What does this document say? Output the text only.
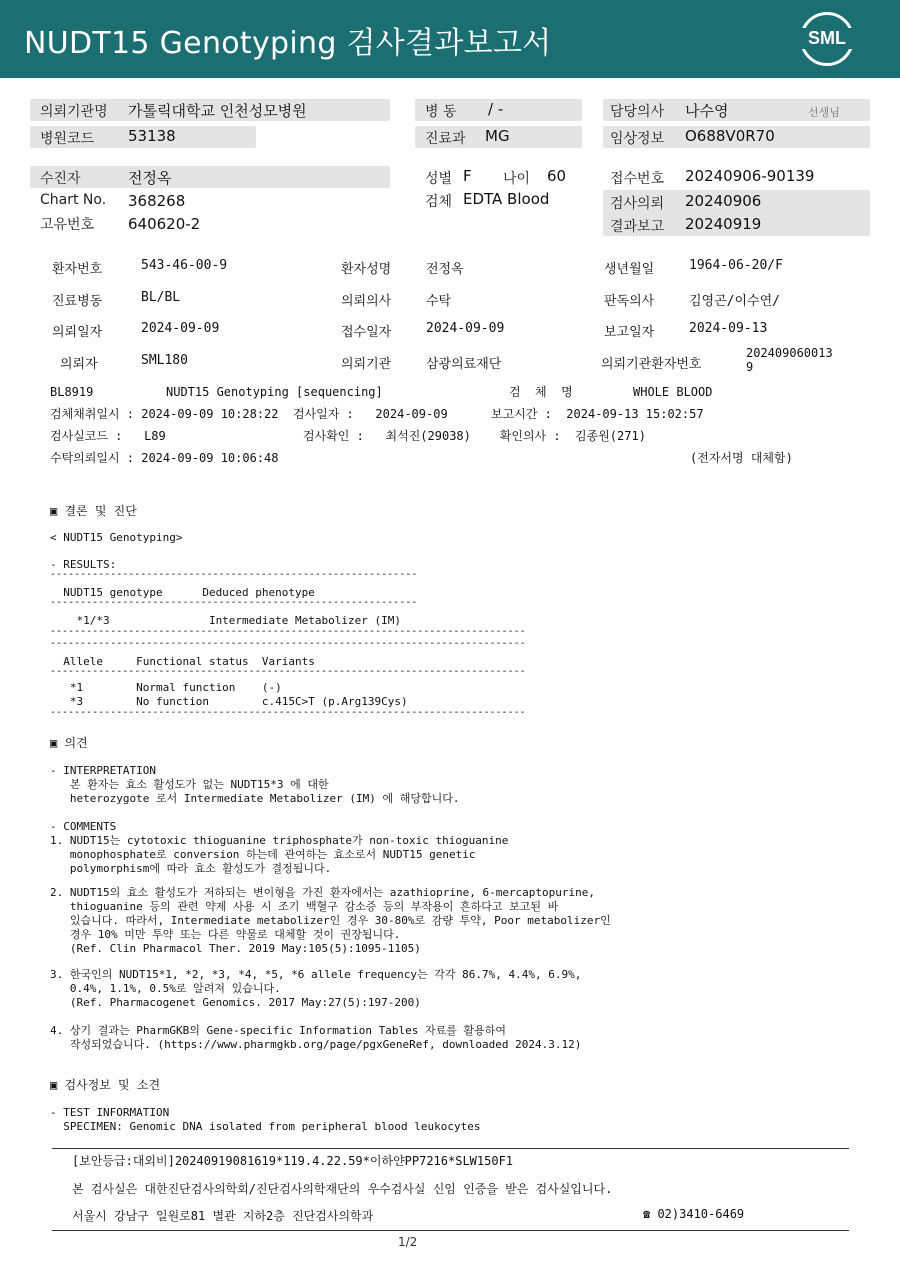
NUDT15 Genotyping 검사결과보고서	SML
의뢰기관명 가톨릭대학교 인천성모병원	병 동 / -	담당의사 나수영	선생님
병원코드 53138	진료과 MG	임상정보 O688V0R70
수진자	전정옥	성별 F 나이 60	접수번호 20240906-90139
Chart No. 368268	검체 EDTA Blood	검사의뢰 20240906
고유번호 640620-2	결과보고 20240919
환자번호	543-46-00-9	환자성명	전정옥	생년월일	1964-06-20/F
진료병동	BL/BL	의뢰의사	수탁	판독의사	김영곤/이수연/
의뢰일자	2024-09-09	접수일자	2024-09-09	보고일자	2024-09-13
의뢰자	SML180	의뢰기관	삼광의료재단	의뢰기관환자번호
202409060013
9
BL8919	NUDT15 Genotyping [sequencing]	검  체  명	WHOLE BLOOD
검체채취일시 : 2024-09-09 10:28:22  검사일자 :   2024-09-09      보고시간 :  2024-09-13 15:02:57
검사실코드 :   L89                   검사확인 :   최석진(29038)    확인의사 :  김종원(271)
수탁의뢰일시 : 2024-09-09 10:06:48	(전자서명 대체함)
▣ 결론 및 진단
< NUDT15 Genotyping>
- RESULTS:
-------------------------------------------------------------
NUDT15 genotype      Deduced phenotype
-------------------------------------------------------------
*1/*3               Intermediate Metabolizer (IM)
-------------------------------------------------------------------------------
-------------------------------------------------------------------------------
Allele     Functional status  Variants
-------------------------------------------------------------------------------
*1        Normal function    (-)
*3        No function        c.415C>T (p.Arg139Cys)
-------------------------------------------------------------------------------
▣ 의견
- INTERPRETATION
본 환자는 효소 활성도가 없는 NUDT15*3 에 대한
heterozygote 로서 Intermediate Metabolizer (IM) 에 해당합니다.
- COMMENTS
1. NUDT15는 cytotoxic thioguanine triphosphate가 non-toxic thioguanine
monophosphate로 conversion 하는데 관여하는 효소로서 NUDT15 genetic
polymorphism에 따라 효소 활성도가 결정됩니다.
2. NUDT15의 효소 활성도가 저하되는 변이형을 가진 환자에서는 azathioprine, 6-mercaptopurine,
thioguanine 등의 관련 약제 사용 시 조기 백혈구 감소증 등의 부작용이 흔하다고 보고된 바
있습니다. 따라서, Intermediate metabolizer인 경우 30-80%로 감량 투약, Poor metabolizer인
경우 10% 미만 투약 또는 다른 약물로 대체할 것이 권장됩니다.
(Ref. Clin Pharmacol Ther. 2019 May:105(5):1095-1105)
3. 한국인의 NUDT15*1, *2, *3, *4, *5, *6 allele frequency는 각각 86.7%, 4.4%, 6.9%,
0.4%, 1.1%, 0.5%로 알려져 있습니다.
(Ref. Pharmacogenet Genomics. 2017 May:27(5):197-200)
4. 상기 결과는 PharmGKB의 Gene-specific Information Tables 자료를 활용하여
작성되었습니다. (https://www.pharmgkb.org/page/pgxGeneRef, downloaded 2024.3.12)
▣ 검사정보 및 소견
- TEST INFORMATION
SPECIMEN: Genomic DNA isolated from peripheral blood leukocytes
[보안등급:대외비]20240919081619*119.4.22.59*이하얀PP7216*SLW150F1
본 검사실은 대한진단검사의학회/진단검사의학재단의 우수검사실 신임 인증을 받은 검사실입니다.
서울시 강남구 일원로81 별관 지하2층 진단검사의학과	☎ 02)3410-6469
1/2
